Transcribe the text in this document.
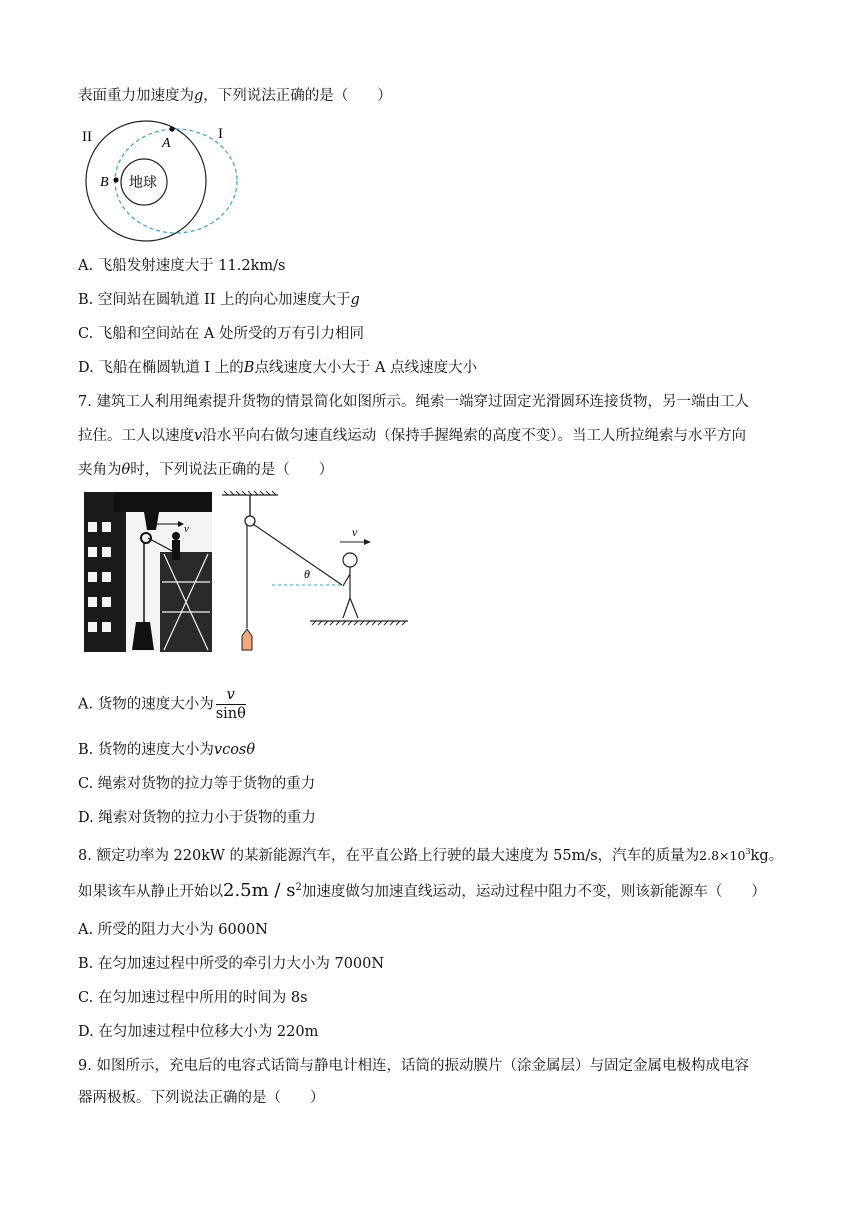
表面重力加速度为g，下列说法正确的是（　　）
II	I
A
B 地球
A. 飞船发射速度大于 11.2km/s
B. 空间站在圆轨道 II 上的向心加速度大于g
C. 飞船和空间站在 A 处所受的万有引力相同
D. 飞船在椭圆轨道 I 上的B点线速度大小大于 A 点线速度大小
7. 建筑工人利用绳索提升货物的情景简化如图所示。绳索一端穿过固定光滑圆环连接货物，另一端由工人
拉住。工人以速度v沿水平向右做匀速直线运动（保持手握绳索的高度不变）。当工人所拉绳索与水平方向
夹角为θ时，下列说法正确的是（　　）
v
θ
v
A. 货物的速度大小为 $\frac{v}{\sin\theta}$
B. 货物的速度大小为vcosθ
C. 绳索对货物的拉力等于货物的重力
D. 绳索对货物的拉力小于货物的重力
8. 额定功率为 220kW 的某新能源汽车，在平直公路上行驶的最大速度为 55m/s，汽车的质量为$2.8\times 10^3kg$。
如果该车从静止开始以$2.5m / s^2$加速度做匀加速直线运动，运动过程中阻力不变，则该新能源车（　　）
A. 所受的阻力大小为 6000N
B. 在匀加速过程中所受的牵引力大小为 7000N
C. 在匀加速过程中所用的时间为 8s
D. 在匀加速过程中位移大小为 220m
9. 如图所示，充电后的电容式话筒与静电计相连，话筒的振动膜片（涂金属层）与固定金属电极构成电容
器两极板。下列说法正确的是（　　）
